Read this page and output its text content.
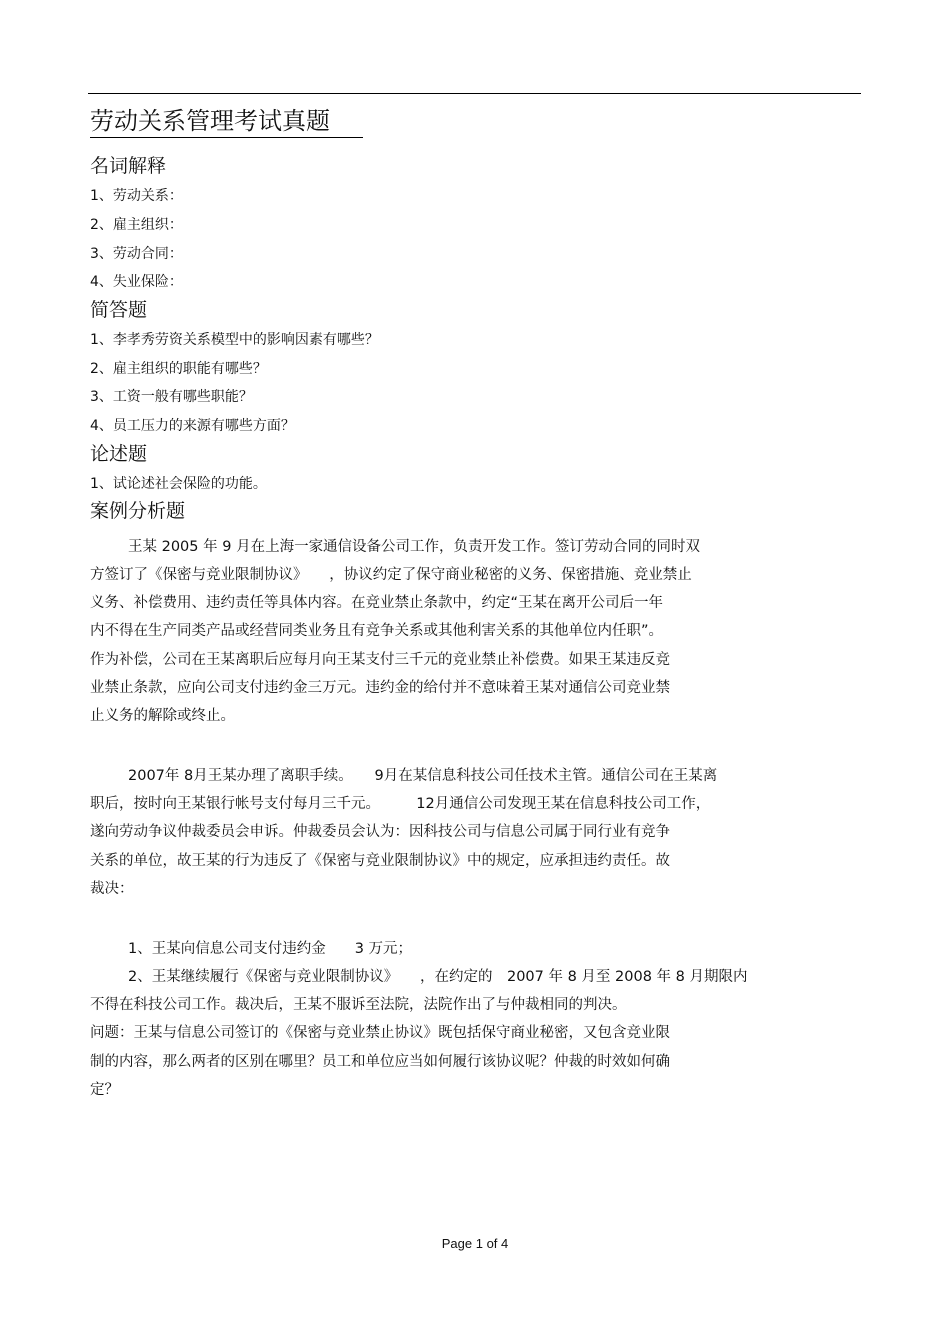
劳动关系管理考试真题
名词解释
1、劳动关系：
2、雇主组织：
3、劳动合同：
4、失业保险：
简答题
1、李孝秀劳资关系模型中的影响因素有哪些？
2、雇主组织的职能有哪些？
3、工资一般有哪些职能？
4、员工压力的来源有哪些方面？
论述题
1、试论述社会保险的功能。
案例分析题
王某 2005 年 9 月在上海一家通信设备公司工作，负责开发工作。签订劳动合同的同时双
方签订了《保密与竞业限制协议》　　，协议约定了保守商业秘密的义务、保密措施、竞业禁止
义务、补偿费用、违约责任等具体内容。在竞业禁止条款中，约定“王某在离开公司后一年
内不得在生产同类产品或经营同类业务且有竞争关系或其他利害关系的其他单位内任职”。
作为补偿，公司在王某离职后应每月向王某支付三千元的竞业禁止补偿费。如果王某违反竞
业禁止条款，应向公司支付违约金三万元。违约金的给付并不意味着王某对通信公司竞业禁
止义务的解除或终止。
2007年 8月王某办理了离职手续。　　9月在某信息科技公司任技术主管。通信公司在王某离
职后，按时向王某银行帐号支付每月三千元。　　　12月通信公司发现王某在信息科技公司工作，
遂向劳动争议仲裁委员会申诉。仲裁委员会认为：因科技公司与信息公司属于同行业有竞争
关系的单位，故王某的行为违反了《保密与竞业限制协议》中的规定，应承担违约责任。故
裁决：
1、王某向信息公司支付违约金　　3 万元；
2、王某继续履行《保密与竞业限制协议》　　，在约定的　2007 年 8 月至 2008 年 8 月期限内
不得在科技公司工作。裁决后，王某不服诉至法院，法院作出了与仲裁相同的判决。
问题：王某与信息公司签订的《保密与竞业禁止协议》既包括保守商业秘密，又包含竞业限
制的内容，那么两者的区别在哪里？员工和单位应当如何履行该协议呢？仲裁的时效如何确
定？
Page 1 of 4
